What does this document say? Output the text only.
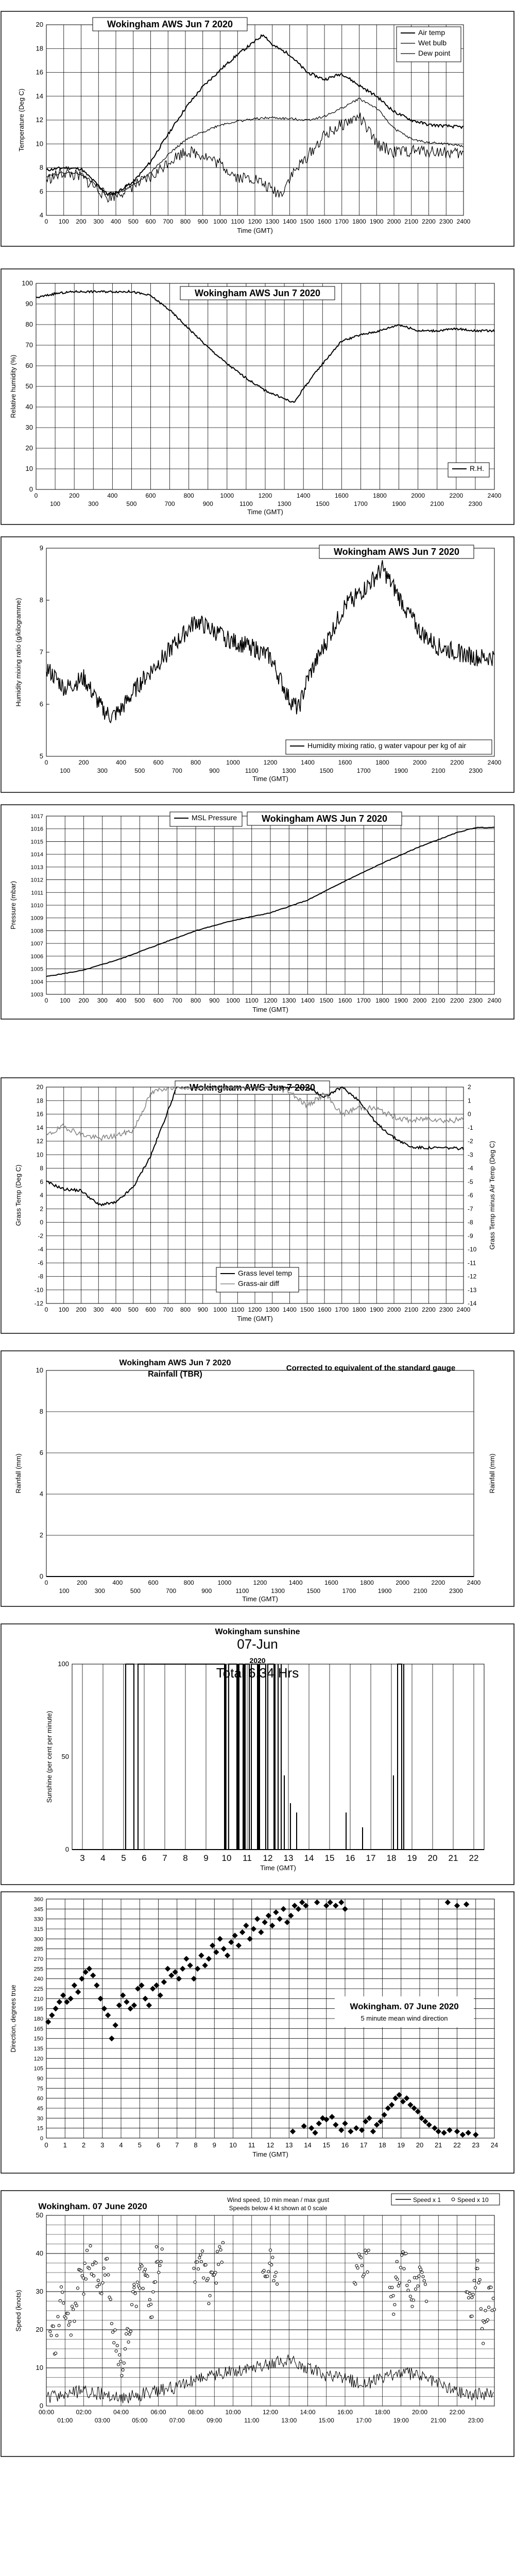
4
6
8
10
12
14
16
18
20
0 100 200 300 400 500 600 700 800 900 1000 1100 1200 1300 1400 1500 1600 1700 1800 1900 2000 2100 2200 2300 2400
Time (GMT)
Temperature (Deg C)
Wokingham AWS Jun 7 2020
Air temp
Wet bulb
Dew point
0
10
20
30
40
50
60
70
80
90
100
0	200	400	600	800	1000	1200	1400	1600	1800	2000	2200	2400
100	300	500	700	900	1100	1300	1500	1700	1900	2100	2300
Time (GMT)
Relative humidity (%)
Wokingham AWS Jun 7 2020
R.H.
5
6
7
8
9
0	200	400	600	800	1000	1200	1400	1600	1800	2000	2200	2400
100	300	500	700	900	1100	1300	1500	1700	1900	2100	2300
Time (GMT)
Humidity mixing ratio (g/kilogramme)
Wokingham AWS Jun 7 2020
Humidity mixing ratio, g water vapour per kg of air
1003
1004
1005
1006
1007
1008
1009
1010
1011
1012
1013
1014
1015
1016
1017
0 100 200 300 400 500 600 700 800 900 1000 1100 1200 1300 1400 1500 1600 1700 1800 1900 2000 2100 2200 2300 2400
Time (GMT)
Pressure (mbar)
Wokingham AWS Jun 7 2020
MSL Pressure
-12
-10
-8
-6
-4
-2
0
2
4
6
8
10
12
14
16
18
20
-14
-13
-12
-11
-10
-9
-8
-7
-6
-5
-4
-3
-2
-1
0
1
2
0 100 200 300 400 500 600 700 800 900 1000 1100 1200 1300 1400 1500 1600 1700 1800 1900 2000 2100 2200 2300 2400
Time (GMT)
Grass Temp (Deg C)	Grass Temp minus Air Temp (Deg C)
Wokingham AWS Jun 7 2020
Grass level temp
Grass-air diff
0
2
4
6
8
10
0	200	400	600	800	1000	1200	1400	1600	1800	2000	2200	2400
100	300	500	700	900	1100	1300	1500	1700	1900	2100	2300
Time (GMT)
Rainfall (mm)	Rainfall (mm)
Wokingham AWS Jun 7 2020
Rainfall (TBR)
Corrected to equivalent of the standard gauge
0
50
100
3 4 5 6 7 8 9 10 11 12 13 14 15 16 17 18 19 20 21 22
Time (GMT)
Sunshine (per cent per minute)
Wokingham sunshine
07-Jun
2020
Total 6.34 Hrs
0
15
30
45
60
75
90
105
120
135
150
165
180
195
210
225
240
255
270
285
300
315
330
345
360
0 1 2 3 4 5 6 7 8 9 10 11 12 13 14 15 16 17 18 19 20 21 22 23 24
Time (GMT)
Direction, degrees true	Wokingham. 07 June 2020
5 minute mean wind direction
0
10
20
30
40
50
00:00	02:00	04:00	06:00	08:00	10:00	12:00	14:00	16:00	18:00	20:00	22:00
01:00	03:00	05:00	07:00	09:00	11:00	13:00	15:00	17:00	19:00	21:00	23:00
Speed (knots)
Wokingham. 07 June 2020
Wind speed, 10 min mean / max gust
Speeds below 4 kt shown at 0 scale
Speed x 1	Speed x 10
